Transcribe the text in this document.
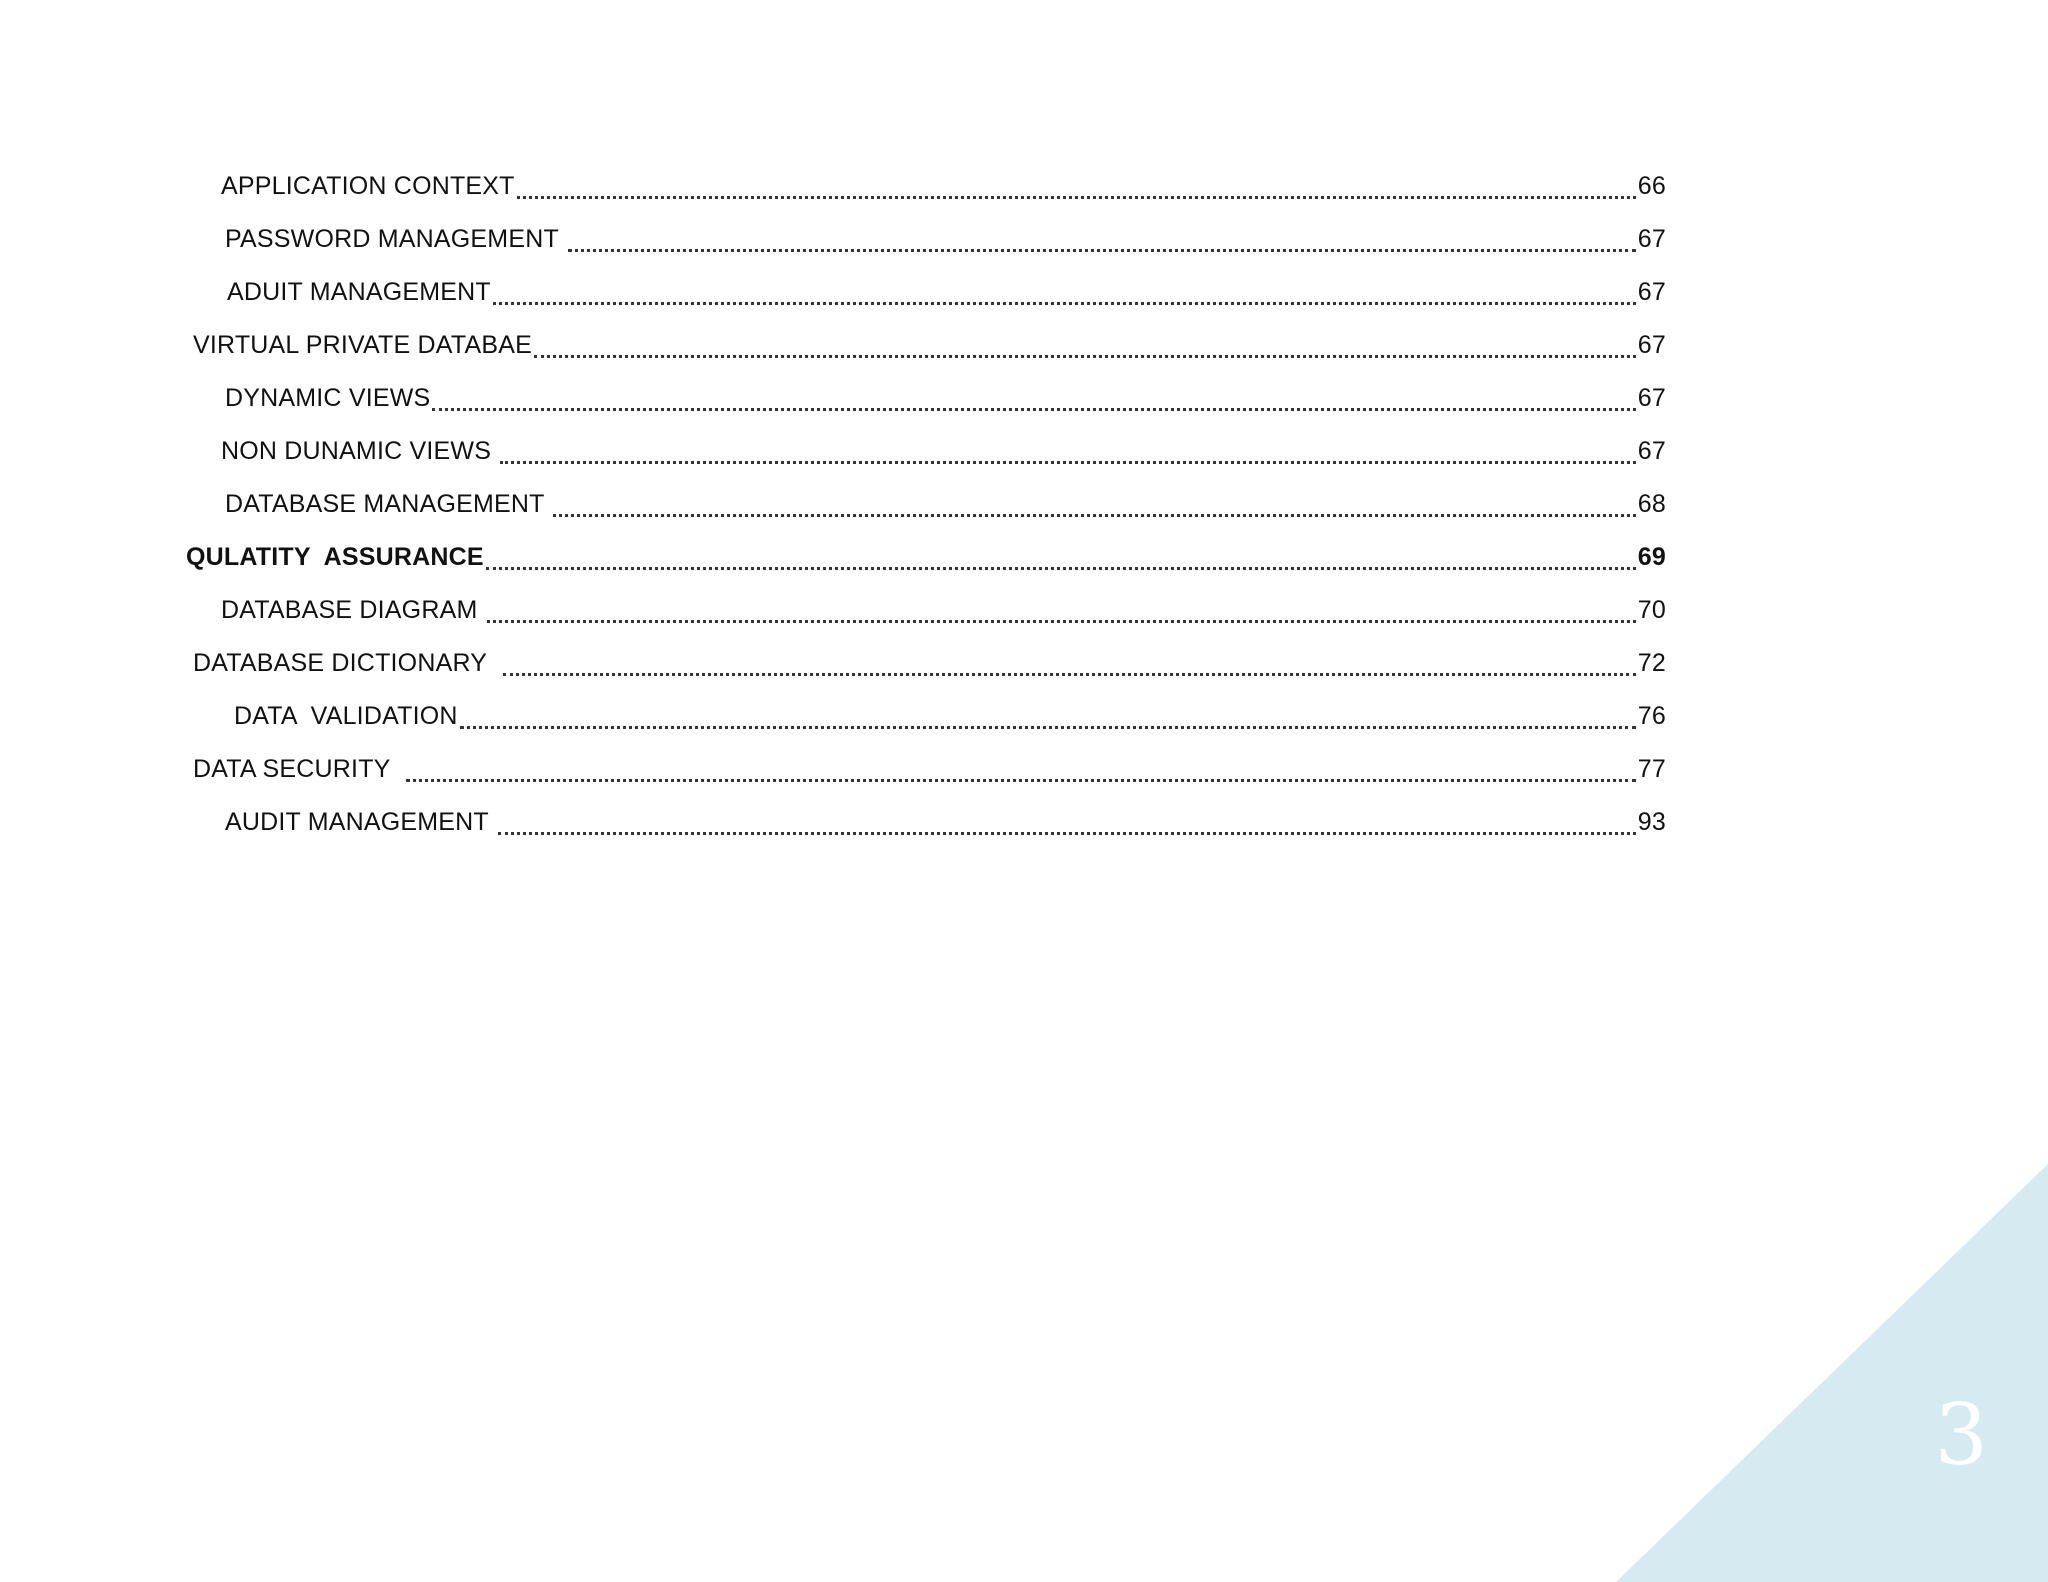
APPLICATION CONTEXT	66
PASSWORD MANAGEMENT	67
ADUIT MANAGEMENT	67
VIRTUAL PRIVATE DATABAE	67
DYNAMIC VIEWS	67
NON DUNAMIC VIEWS	67
DATABASE MANAGEMENT	68
QULATITY  ASSURANCE	69
DATABASE DIAGRAM	70
DATABASE DICTIONARY	72
DATA  VALIDATION	76
DATA SECURITY	77
AUDIT MANAGEMENT	93
3
